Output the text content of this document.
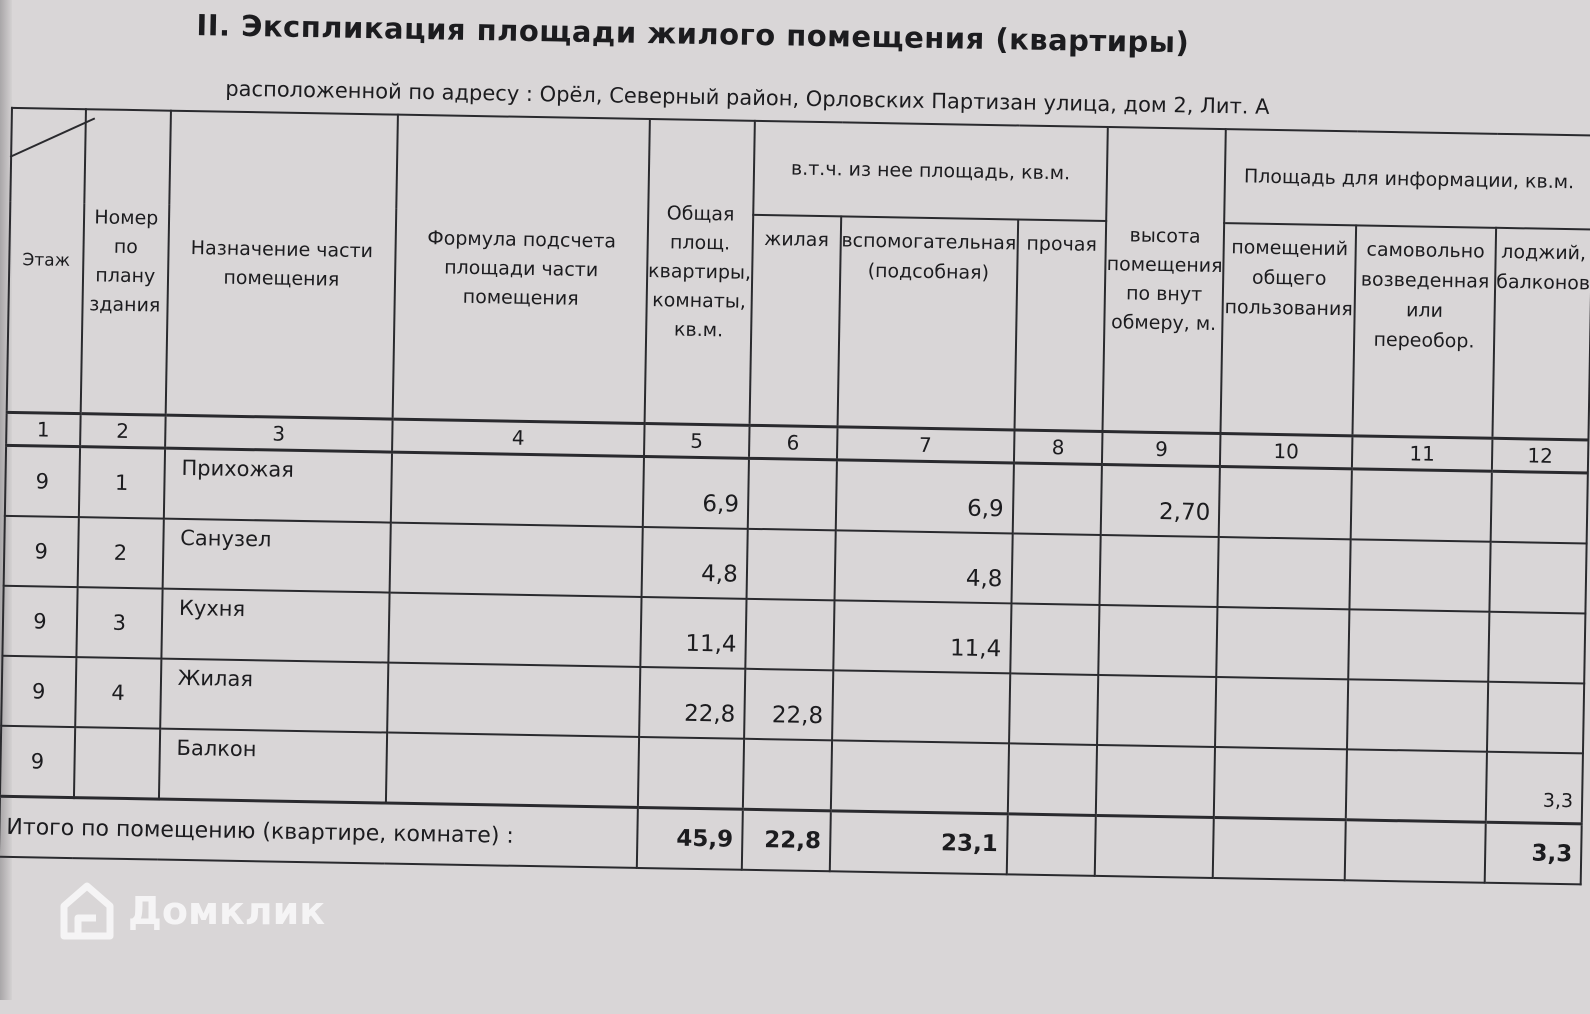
II. Экспликация площади жилого помещения (квартиры)
расположенной по адресу : Орёл, Северный район, Орловских Партизан улица, дом 2, Лит. А
Этаж	Номер по плану здания	Назначение части помещения	Формула подсчета площади части помещения	Общая площ. квартиры, комнаты, кв.м.	в.т.ч. из нее площадь, кв.м.			высота помещения по внут обмеру, м.	Площадь для информации, кв.м.		
					жилая	вспомогательная (подсобная)	прочая		помещений общего пользования	самовольно возведенная или переобор.	лоджий, балконов
1	2	3	4	5	6	7	8	9	10	11	12
9	1	Прихожая		6,9		6,9		2,70			
9	2	Санузел		4,8		4,8					
9	3	Кухня		11,4		11,4					
9	4	Жилая		22,8	22,8						
9		Балкон									3,3
Итого по помещению (квартире, комнате) :				45,9	22,8	23,1					3,3
Домклик
